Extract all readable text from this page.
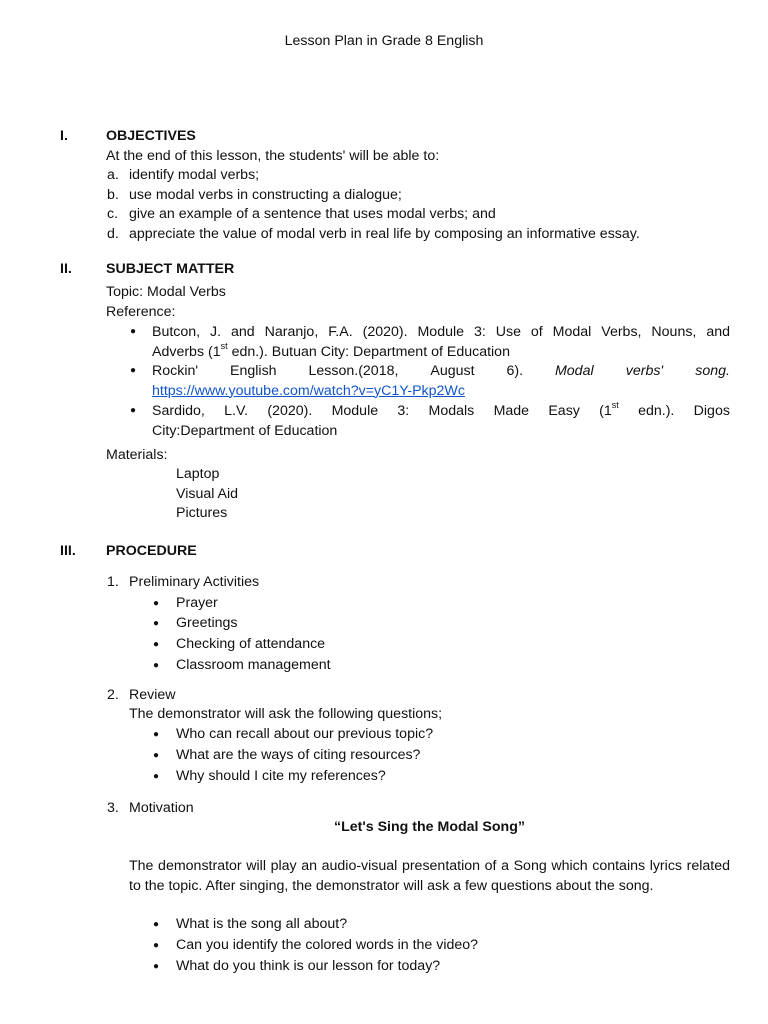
Lesson Plan in Grade 8 English
I.	OBJECTIVES
At the end of this lesson, the students' will be able to:
a. identify modal verbs;
b. use modal verbs in constructing a dialogue;
c. give an example of a sentence that uses modal verbs; and
d. appreciate the value of modal verb in real life by composing an informative essay.
II. SUBJECT MATTER
Topic: Modal Verbs
Reference:
● Butcon, J. and Naranjo, F.A. (2020). Module 3: Use of Modal Verbs, Nouns, and
Adverbs (1st edn.). Butuan City: Department of Education
● Rockin' English Lesson.(2018, August 6). Modal verbs' song.
https://www.youtube.com/watch?v=yC1Y-Pkp2Wc
● Sardido, L.V. (2020). Module 3: Modals Made Easy (1st edn.). Digos
City:Department of Education
Materials:
Laptop
Visual Aid
Pictures
III. PROCEDURE
1. Preliminary Activities
● Prayer
● Greetings
● Checking of attendance
● Classroom management
2. Review
The demonstrator will ask the following questions;
● Who can recall about our previous topic?
● What are the ways of citing resources?
● Why should I cite my references?
3. Motivation
“Let's Sing the Modal Song”
The demonstrator will play an audio-visual presentation of a Song which contains lyrics related to the topic. After singing, the demonstrator will ask a few questions about the song.
● What is the song all about?
● Can you identify the colored words in the video?
● What do you think is our lesson for today?
